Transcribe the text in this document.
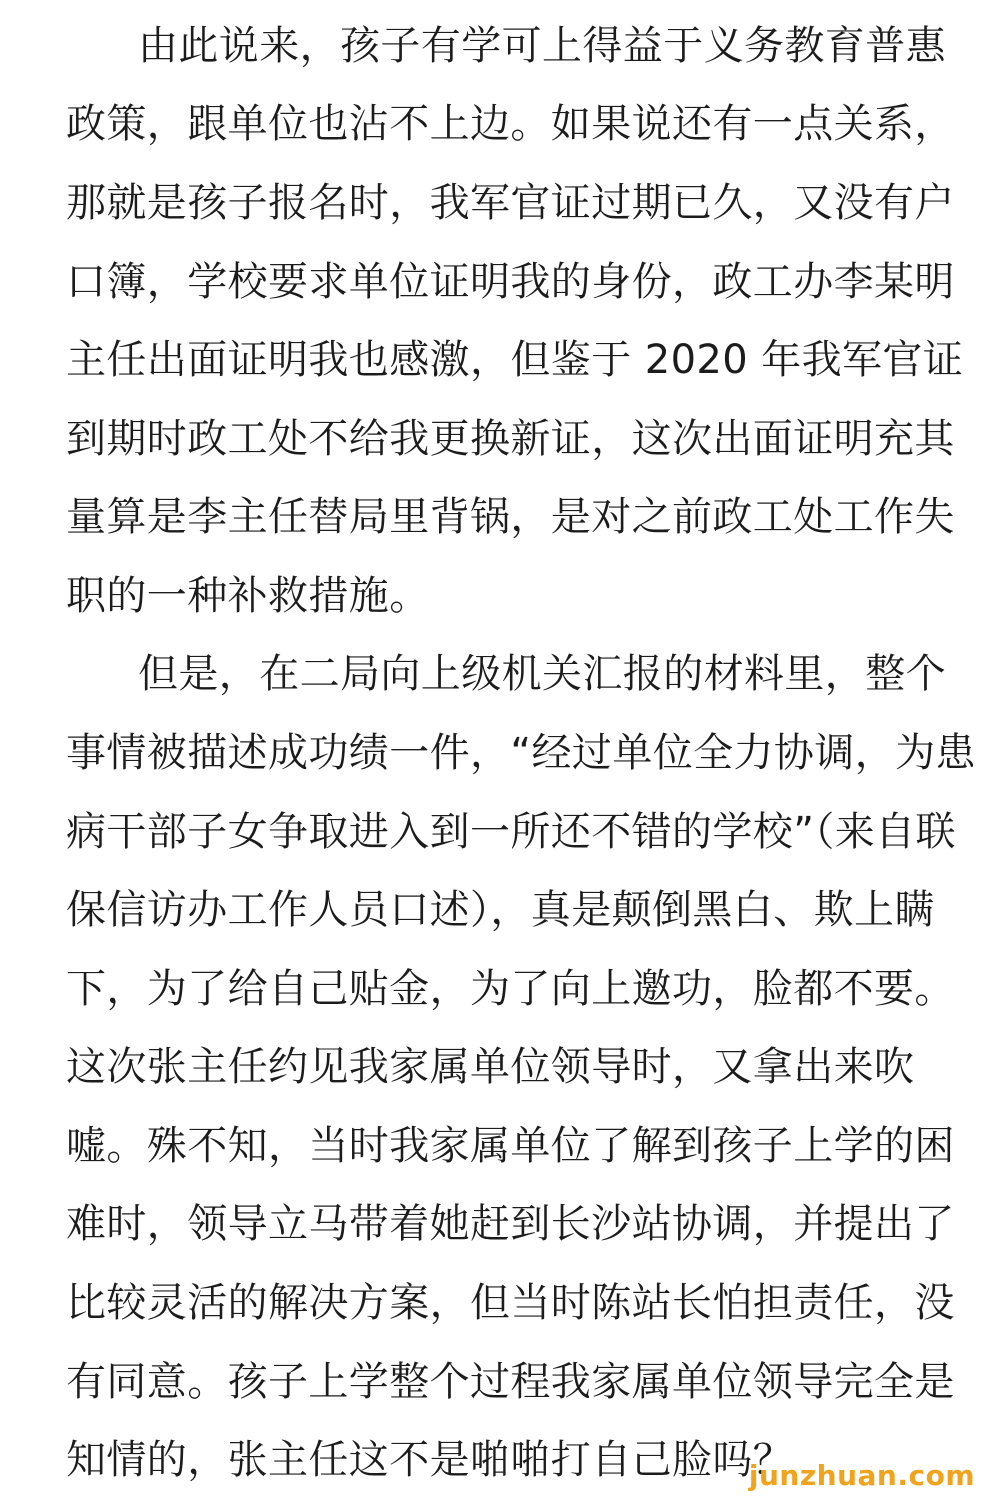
由此说来，孩子有学可上得益于义务教育普惠
政策，跟单位也沾不上边。如果说还有一点关系，
那就是孩子报名时，我军官证过期已久，又没有户
口簿，学校要求单位证明我的身份，政工办李某明
主任出面证明我也感激，但鉴于 2020 年我军官证
到期时政工处不给我更换新证，这次出面证明充其
量算是李主任替局里背锅，是对之前政工处工作失
职的一种补救措施。
但是，在二局向上级机关汇报的材料里，整个
事情被描述成功绩一件，“经过单位全力协调，为患
病干部子女争取进入到一所还不错的学校”（来自联
保信访办工作人员口述），真是颠倒黑白、欺上瞒
下，为了给自己贴金，为了向上邀功，脸都不要。
这次张主任约见我家属单位领导时，又拿出来吹
嘘。殊不知，当时我家属单位了解到孩子上学的困
难时，领导立马带着她赶到长沙站协调，并提出了
比较灵活的解决方案，但当时陈站长怕担责任，没
有同意。孩子上学整个过程我家属单位领导完全是
知情的，张主任这不是啪啪打自己脸吗？
junzhuan.com
